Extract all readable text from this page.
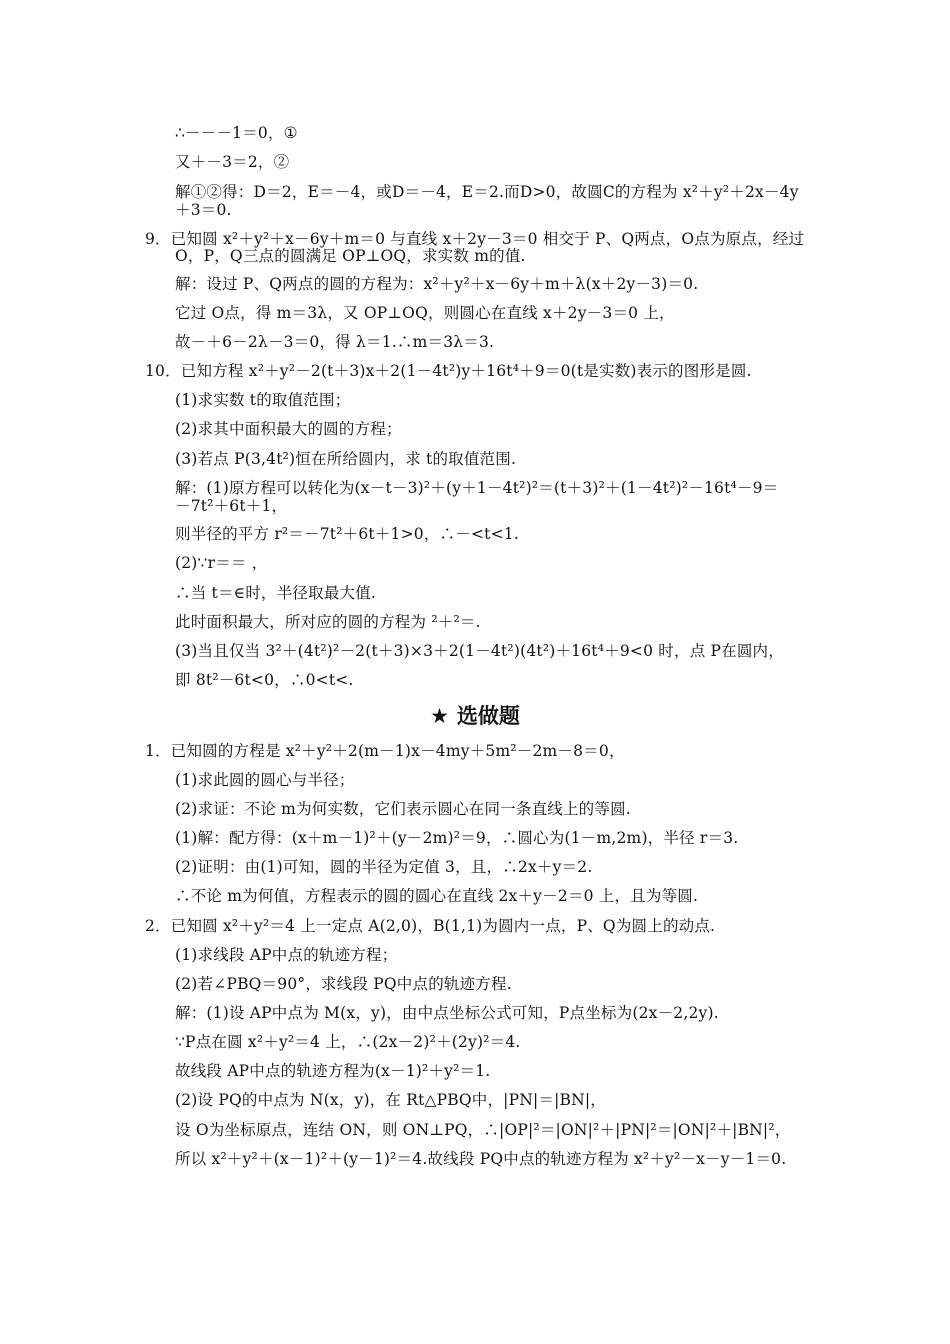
∴－－－1＝0，①
又＋－3＝2，②
解①②得：D＝2，E＝－4，或D＝－4，E＝2.而D>0，故圆C的方程为 x²＋y²＋2x－4y
＋3＝0.
9．已知圆 x²＋y²＋x－6y＋m＝0 与直线 x＋2y－3＝0 相交于 P、Q两点，O点为原点，经过
O，P，Q三点的圆满足 OP⊥OQ，求实数 m的值.
解：设过 P、Q两点的圆的方程为：x²＋y²＋x－6y＋m＋λ(x＋2y－3)＝0.
它过 O点，得 m＝3λ，又 OP⊥OQ，则圆心在直线 x＋2y－3＝0 上，
故－＋6－2λ－3＝0，得 λ＝1.∴m＝3λ＝3.
10．已知方程 x²＋y²－2(t＋3)x＋2(1－4t²)y＋16t⁴＋9＝0(t是实数)表示的图形是圆.
(1)求实数 t的取值范围；
(2)求其中面积最大的圆的方程；
(3)若点 P(3,4t²)恒在所给圆内，求 t的取值范围.
解：(1)原方程可以转化为(x－t－3)²＋(y＋1－4t²)²＝(t＋3)²＋(1－4t²)²－16t⁴－9＝
－7t²＋6t＋1，
则半径的平方 r²＝－7t²＋6t＋1>0，∴－<t<1.
(2)∵r＝＝ ，
∴当 t＝∈时，半径取最大值.
此时面积最大，所对应的圆的方程为 ²＋²＝.
(3)当且仅当 3²＋(4t²)²－2(t＋3)×3＋2(1－4t²)(4t²)＋16t⁴＋9<0 时，点 P在圆内，
即 8t²－6t<0，∴0<t<.
★ 选做题
1．已知圆的方程是 x²＋y²＋2(m－1)x－4my＋5m²－2m－8＝0，
(1)求此圆的圆心与半径；
(2)求证：不论 m为何实数，它们表示圆心在同一条直线上的等圆.
(1)解：配方得：(x＋m－1)²＋(y－2m)²＝9，∴圆心为(1－m,2m)，半径 r＝3.
(2)证明：由(1)可知，圆的半径为定值 3，且，∴2x＋y＝2.
∴不论 m为何值，方程表示的圆的圆心在直线 2x＋y－2＝0 上，且为等圆.
2．已知圆 x²＋y²＝4 上一定点 A(2,0)，B(1,1)为圆内一点，P、Q为圆上的动点.
(1)求线段 AP中点的轨迹方程；
(2)若∠PBQ＝90°，求线段 PQ中点的轨迹方程.
解：(1)设 AP中点为 M(x，y)，由中点坐标公式可知，P点坐标为(2x－2,2y).
∵P点在圆 x²＋y²＝4 上，∴(2x－2)²＋(2y)²＝4.
故线段 AP中点的轨迹方程为(x－1)²＋y²＝1.
(2)设 PQ的中点为 N(x，y)，在 Rt△PBQ中，|PN|＝|BN|，
设 O为坐标原点，连结 ON，则 ON⊥PQ，∴|OP|²＝|ON|²＋|PN|²＝|ON|²＋|BN|²，
所以 x²＋y²＋(x－1)²＋(y－1)²＝4.故线段 PQ中点的轨迹方程为 x²＋y²－x－y－1＝0.
